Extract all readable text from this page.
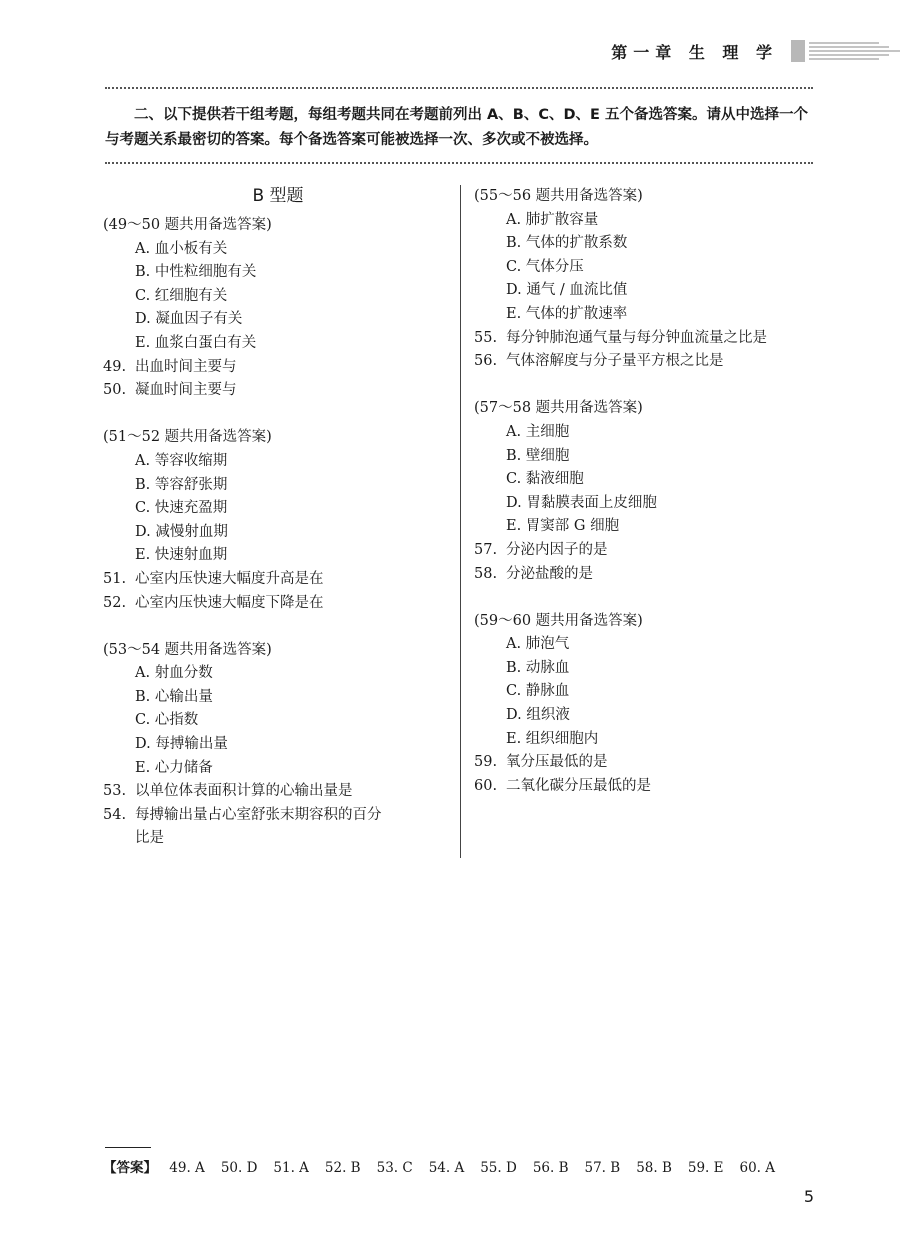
第一章 生 理 学
二、以下提供若干组考题，每组考题共同在考题前列出 A、B、C、D、E 五个备选答案。请从中选择一个与考题关系最密切的答案。每个备选答案可能被选择一次、多次或不被选择。
B 型题
(49～50 题共用备选答案)
A. 血小板有关
B. 中性粒细胞有关
C. 红细胞有关
D. 凝血因子有关
E. 血浆白蛋白有关
49. 出血时间主要与
50. 凝血时间主要与
(51～52 题共用备选答案)
A. 等容收缩期
B. 等容舒张期
C. 快速充盈期
D. 减慢射血期
E. 快速射血期
51. 心室内压快速大幅度升高是在
52. 心室内压快速大幅度下降是在
(53～54 题共用备选答案)
A. 射血分数
B. 心输出量
C. 心指数
D. 每搏输出量
E. 心力储备
53. 以单位体表面积计算的心输出量是
54. 每搏输出量占心室舒张末期容积的百分
比是
(55～56 题共用备选答案)
A. 肺扩散容量
B. 气体的扩散系数
C. 气体分压
D. 通气 / 血流比值
E. 气体的扩散速率
55. 每分钟肺泡通气量与每分钟血流量之比是
56. 气体溶解度与分子量平方根之比是
(57～58 题共用备选答案)
A. 主细胞
B. 壁细胞
C. 黏液细胞
D. 胃黏膜表面上皮细胞
E. 胃窦部 G 细胞
57. 分泌内因子的是
58. 分泌盐酸的是
(59～60 题共用备选答案)
A. 肺泡气
B. 动脉血
C. 静脉血
D. 组织液
E. 组织细胞内
59. 氧分压最低的是
60. 二氧化碳分压最低的是
【答案】 49. A 50. D 51. A 52. B 53. C 54. A 55. D 56. B 57. B 58. B 59. E 60. A
5
